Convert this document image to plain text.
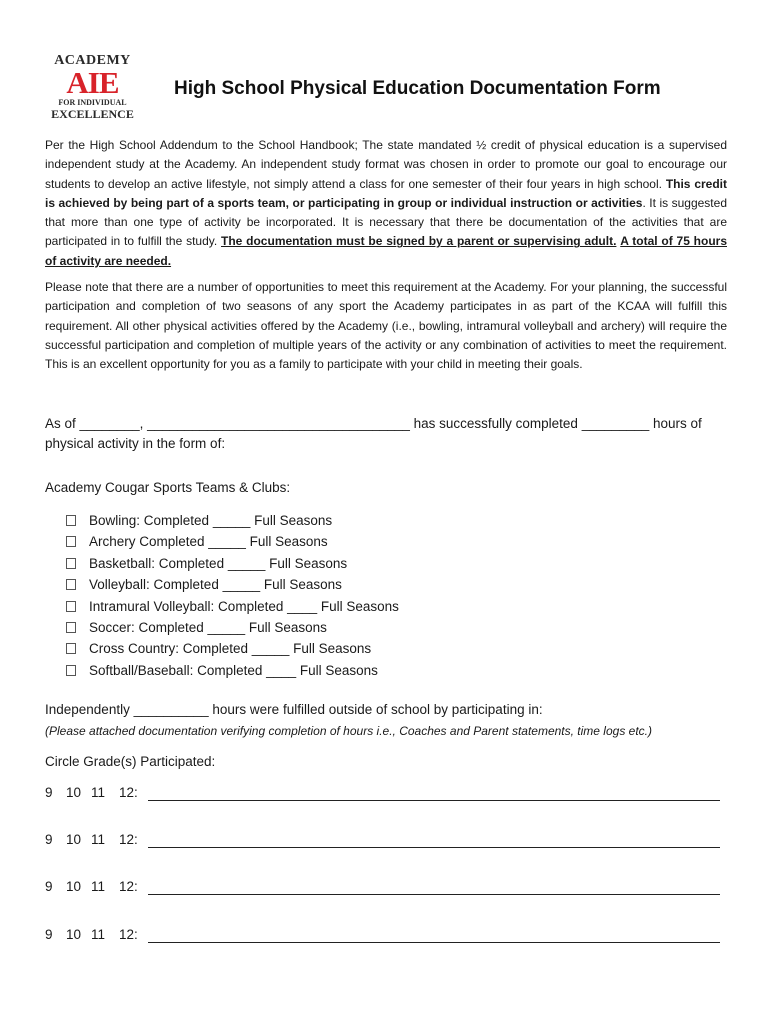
ACADEMY
AIE
FOR INDIVIDUAL
EXCELLENCE
High School Physical Education Documentation Form

Per the High School Addendum to the School Handbook; The state mandated ½ credit of physical education is a supervised independent study at the Academy. An independent study format was chosen in order to promote our goal to encourage our students to develop an active lifestyle, not simply attend a class for one semester of their four years in high school. This credit is achieved by being part of a sports team, or participating in group or individual instruction or activities. It is suggested that more than one type of activity be incorporated. It is necessary that there be documentation of the activities that are participated in to fulfill the study. The documentation must be signed by a parent or supervising adult. A total of 75 hours of activity are needed.

Please note that there are a number of opportunities to meet this requirement at the Academy. For your planning, the successful participation and completion of two seasons of any sport the Academy participates in as part of the KCAA will fulfill this requirement. All other physical activities offered by the Academy (i.e., bowling, intramural volleyball and archery) will require the successful participation and completion of multiple years of the activity or any combination of activities to meet the requirement. This is an excellent opportunity for you as a family to participate with your child in meeting their goals.

As of ________, ___________________________________ has successfully completed _________ hours of
physical activity in the form of:
Academy Cougar Sports Teams & Clubs:
Bowling: Completed _____ Full Seasons
Archery Completed _____ Full Seasons
Basketball: Completed _____ Full Seasons
Volleyball: Completed _____ Full Seasons
Intramural Volleyball: Completed ____ Full Seasons
Soccer: Completed _____ Full Seasons
Cross Country: Completed _____ Full Seasons
Softball/Baseball: Completed ____ Full Seasons
Independently __________ hours were fulfilled outside of school by participating in:
(Please attached documentation verifying completion of hours i.e., Coaches and Parent statements, time logs etc.)
Circle Grade(s) Participated:
9 10 11 12:
9 10 11 12:
9 10 11 12:
9 10 11 12:
